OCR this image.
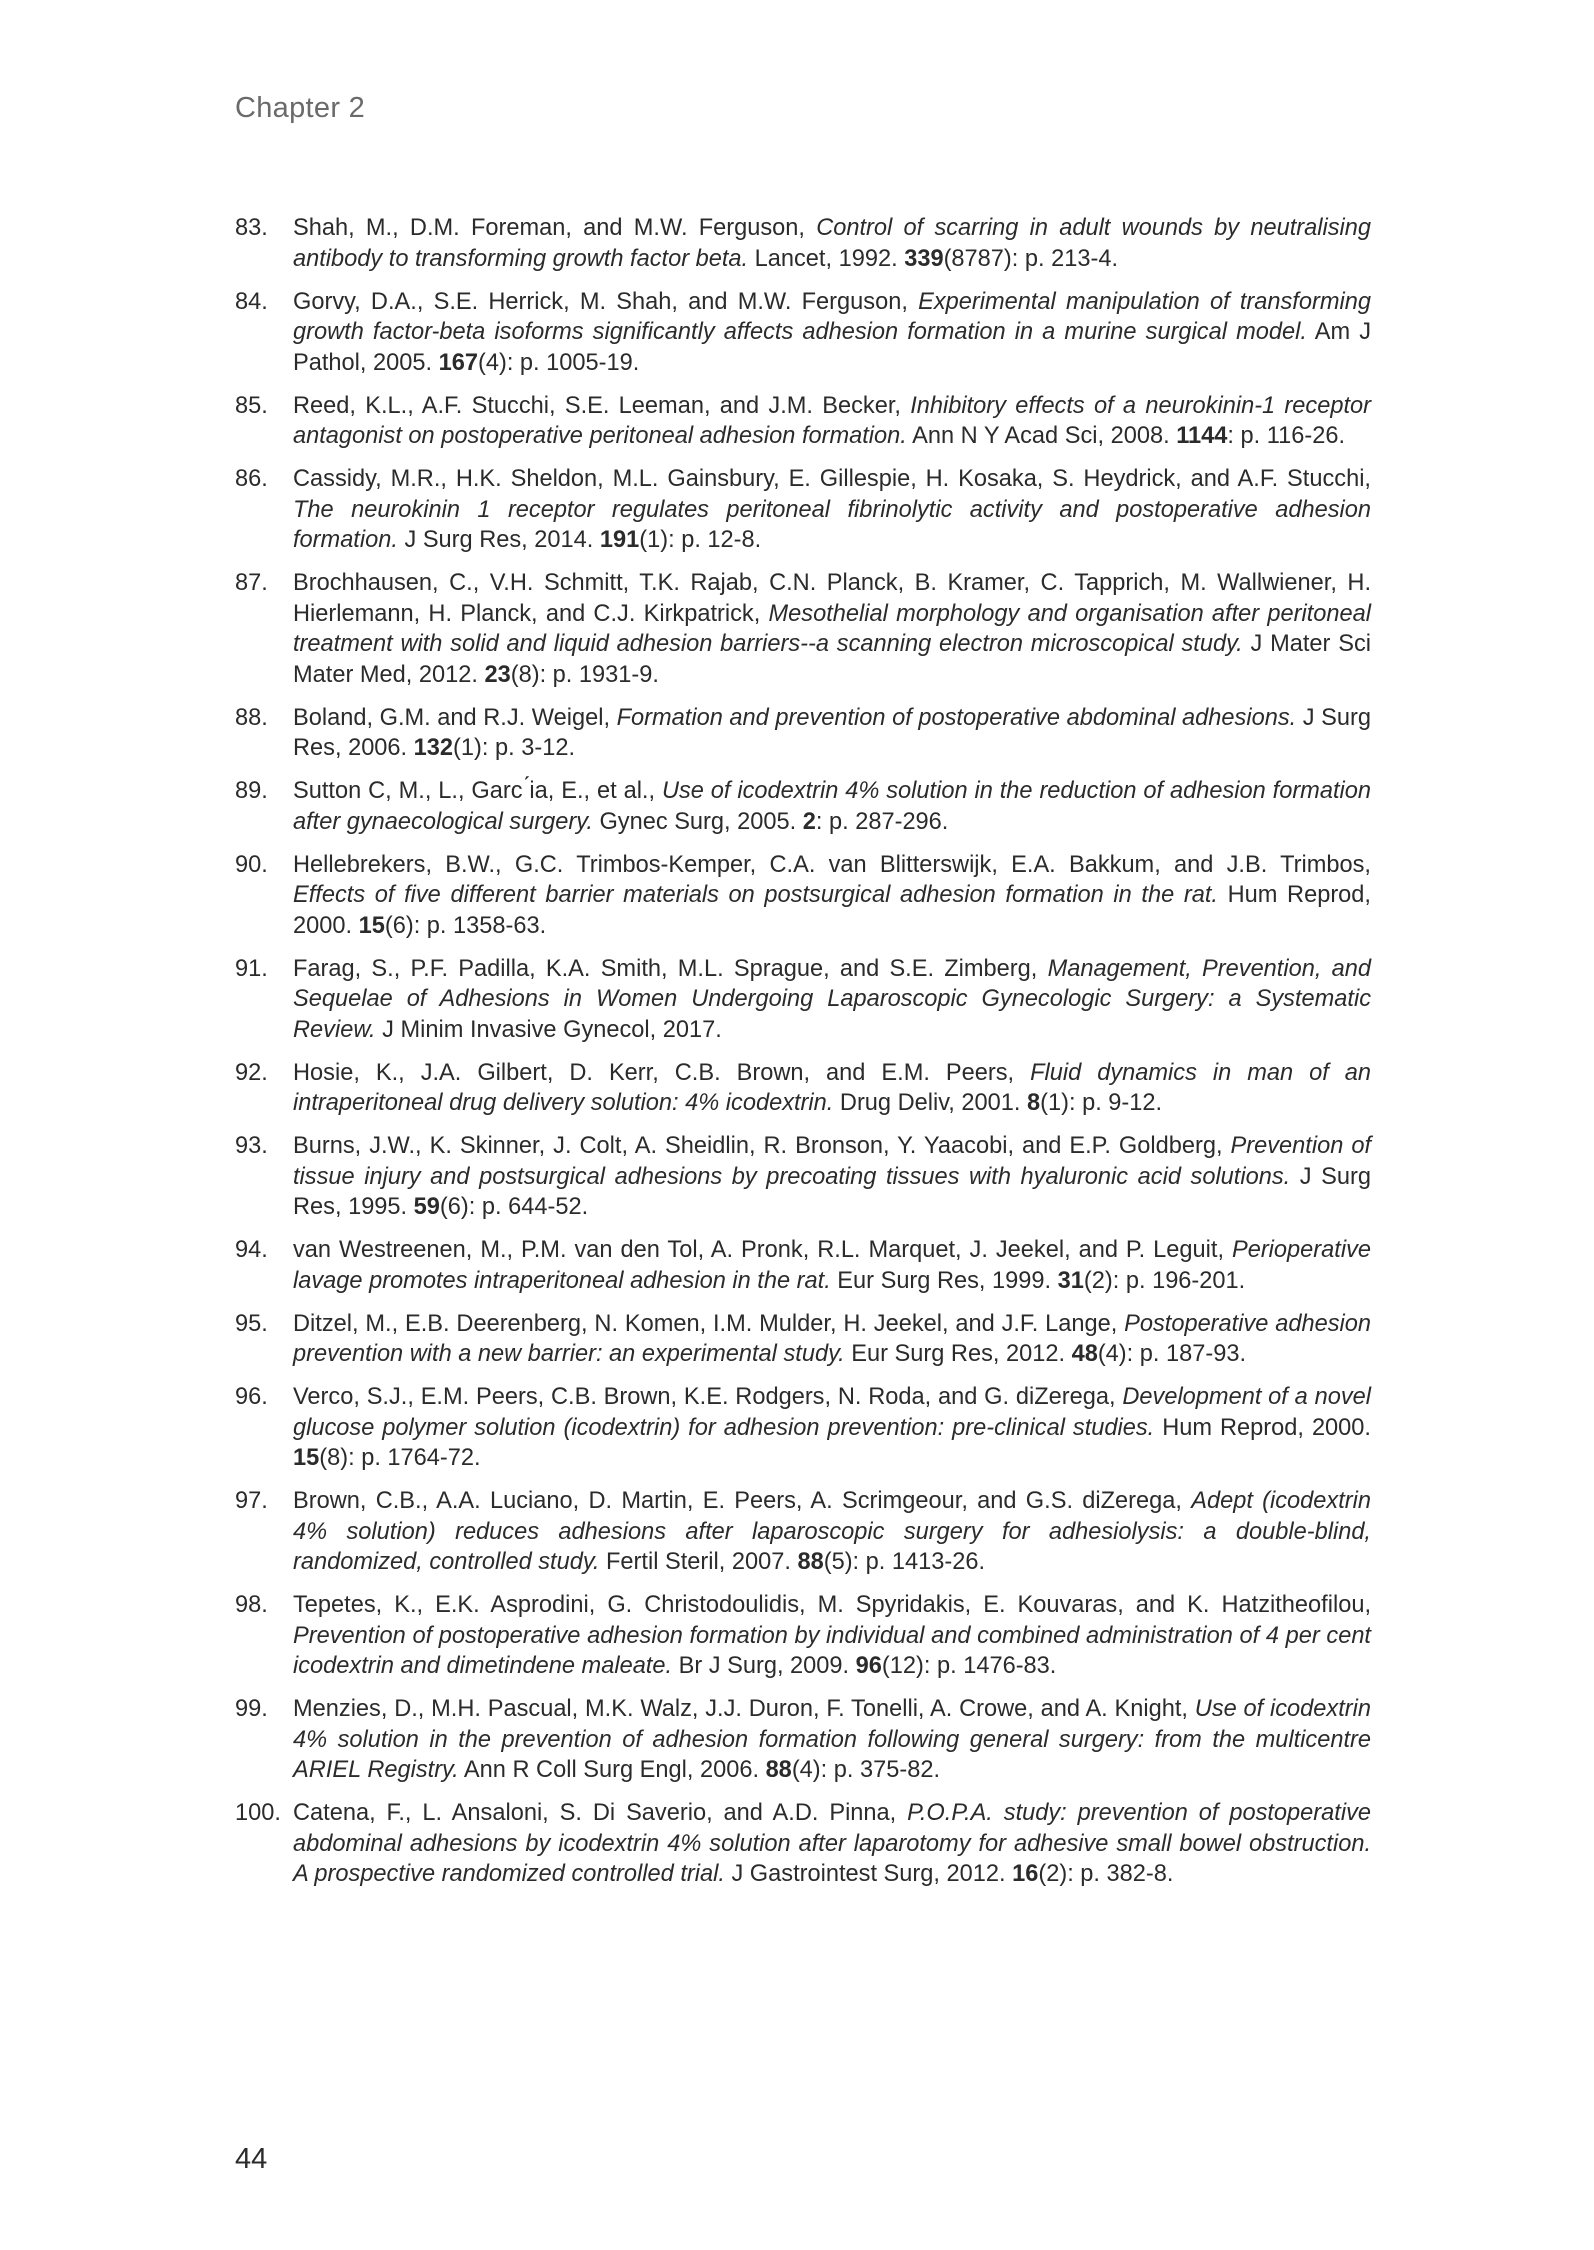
Chapter 2
83.	Shah, M., D.M. Foreman, and M.W. Ferguson, Control of scarring in adult wounds by neutralising antibody to transforming growth factor beta. Lancet, 1992. 339(8787): p. 213-4.
84.	Gorvy, D.A., S.E. Herrick, M. Shah, and M.W. Ferguson, Experimental manipulation of transforming growth factor-beta isoforms significantly affects adhesion formation in a murine surgical model. Am J Pathol, 2005. 167(4): p. 1005-19.
85.	Reed, K.L., A.F. Stucchi, S.E. Leeman, and J.M. Becker, Inhibitory effects of a neurokinin-1 receptor antagonist on postoperative peritoneal adhesion formation. Ann N Y Acad Sci, 2008. 1144: p. 116-26.
86.	Cassidy, M.R., H.K. Sheldon, M.L. Gainsbury, E. Gillespie, H. Kosaka, S. Heydrick, and A.F. Stucchi, The neurokinin 1 receptor regulates peritoneal fibrinolytic activity and postoperative adhesion formation. J Surg Res, 2014. 191(1): p. 12-8.
87.	Brochhausen, C., V.H. Schmitt, T.K. Rajab, C.N. Planck, B. Kramer, C. Tapprich, M. Wallwiener, H. Hierlemann, H. Planck, and C.J. Kirkpatrick, Mesothelial morphology and organisation after peritoneal treatment with solid and liquid adhesion barriers--a scanning electron microscopical study. J Mater Sci Mater Med, 2012. 23(8): p. 1931-9.
88.	Boland, G.M. and R.J. Weigel, Formation and prevention of postoperative abdominal adhesions. J Surg Res, 2006. 132(1): p. 3-12.
89.	Sutton C, M., L., Garc ́ia, E., et al., Use of icodextrin 4% solution in the reduction of adhesion formation after gynaecological surgery. Gynec Surg, 2005. 2: p. 287-296.
90.	Hellebrekers, B.W., G.C. Trimbos-Kemper, C.A. van Blitterswijk, E.A. Bakkum, and J.B. Trimbos, Effects of five different barrier materials on postsurgical adhesion formation in the rat. Hum Reprod, 2000. 15(6): p. 1358-63.
91.	Farag, S., P.F. Padilla, K.A. Smith, M.L. Sprague, and S.E. Zimberg, Management, Prevention, and Sequelae of Adhesions in Women Undergoing Laparoscopic Gynecologic Surgery: a Systematic Review. J Minim Invasive Gynecol, 2017.
92.	Hosie, K., J.A. Gilbert, D. Kerr, C.B. Brown, and E.M. Peers, Fluid dynamics in man of an intraperitoneal drug delivery solution: 4% icodextrin. Drug Deliv, 2001. 8(1): p. 9-12.
93.	Burns, J.W., K. Skinner, J. Colt, A. Sheidlin, R. Bronson, Y. Yaacobi, and E.P. Goldberg, Prevention of tissue injury and postsurgical adhesions by precoating tissues with hyaluronic acid solutions. J Surg Res, 1995. 59(6): p. 644-52.
94.	van Westreenen, M., P.M. van den Tol, A. Pronk, R.L. Marquet, J. Jeekel, and P. Leguit, Perioperative lavage promotes intraperitoneal adhesion in the rat. Eur Surg Res, 1999. 31(2): p. 196-201.
95.	Ditzel, M., E.B. Deerenberg, N. Komen, I.M. Mulder, H. Jeekel, and J.F. Lange, Postoperative adhesion prevention with a new barrier: an experimental study. Eur Surg Res, 2012. 48(4): p. 187-93.
96.	Verco, S.J., E.M. Peers, C.B. Brown, K.E. Rodgers, N. Roda, and G. diZerega, Development of a novel glucose polymer solution (icodextrin) for adhesion prevention: pre-clinical studies. Hum Reprod, 2000. 15(8): p. 1764-72.
97.	Brown, C.B., A.A. Luciano, D. Martin, E. Peers, A. Scrimgeour, and G.S. diZerega, Adept (icodextrin 4% solution) reduces adhesions after laparoscopic surgery for adhesiolysis: a double-blind, randomized, controlled study. Fertil Steril, 2007. 88(5): p. 1413-26.
98.	Tepetes, K., E.K. Asprodini, G. Christodoulidis, M. Spyridakis, E. Kouvaras, and K. Hatzitheofilou, Prevention of postoperative adhesion formation by individual and combined administration of 4 per cent icodextrin and dimetindene maleate. Br J Surg, 2009. 96(12): p. 1476-83.
99.	Menzies, D., M.H. Pascual, M.K. Walz, J.J. Duron, F. Tonelli, A. Crowe, and A. Knight, Use of icodextrin 4% solution in the prevention of adhesion formation following general surgery: from the multicentre ARIEL Registry. Ann R Coll Surg Engl, 2006. 88(4): p. 375-82.
100. Catena, F., L. Ansaloni, S. Di Saverio, and A.D. Pinna, P.O.P.A. study: prevention of postoperative abdominal adhesions by icodextrin 4% solution after laparotomy for adhesive small bowel obstruction. A prospective randomized controlled trial. J Gastrointest Surg, 2012. 16(2): p. 382-8.
44
